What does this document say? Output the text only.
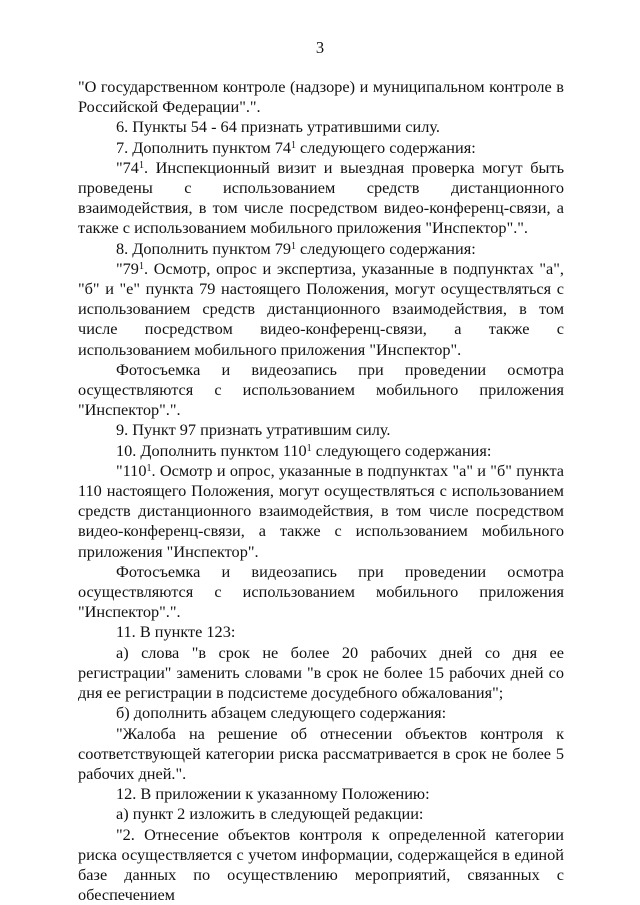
3

"О государственном контроле (надзоре) и муниципальном контроле в Российской Федерации".".

6. Пункты 54 - 64 признать утратившими силу.

7. Дополнить пунктом $74^1$ следующего содержания:

"$74^1$. Инспекционный визит и выездная проверка могут быть проведены с использованием средств дистанционного взаимодействия, в том числе посредством видео-конференц-связи, а также с использованием мобильного приложения "Инспектор".".

8. Дополнить пунктом $79^1$ следующего содержания:

"$79^1$. Осмотр, опрос и экспертиза, указанные в подпунктах "а", "б" и "е" пункта 79 настоящего Положения, могут осуществляться с использованием средств дистанционного взаимодействия, в том числе посредством видео-конференц-связи, а также с использованием мобильного приложения "Инспектор".

Фотосъемка и видеозапись при проведении осмотра осуществляются с использованием мобильного приложения "Инспектор".".

9. Пункт 97 признать утратившим силу.

10. Дополнить пунктом $110^1$ следующего содержания:

"$110^1$. Осмотр и опрос, указанные в подпунктах "а" и "б" пункта 110 настоящего Положения, могут осуществляться с использованием средств дистанционного взаимодействия, в том числе посредством видео-конференц-связи, а также с использованием мобильного приложения "Инспектор".

Фотосъемка и видеозапись при проведении осмотра осуществляются с использованием мобильного приложения "Инспектор".".

11. В пункте 123:

а) слова "в срок не более 20 рабочих дней со дня ее регистрации" заменить словами "в срок не более 15 рабочих дней со дня ее регистрации в подсистеме досудебного обжалования";

б) дополнить абзацем следующего содержания:

"Жалоба на решение об отнесении объектов контроля к соответствующей категории риска рассматривается в срок не более 5 рабочих дней.".

12. В приложении к указанному Положению:

а) пункт 2 изложить в следующей редакции:

"2. Отнесение объектов контроля к определенной категории риска осуществляется с учетом информации, содержащейся в единой базе данных по осуществлению мероприятий, связанных с обеспечением
